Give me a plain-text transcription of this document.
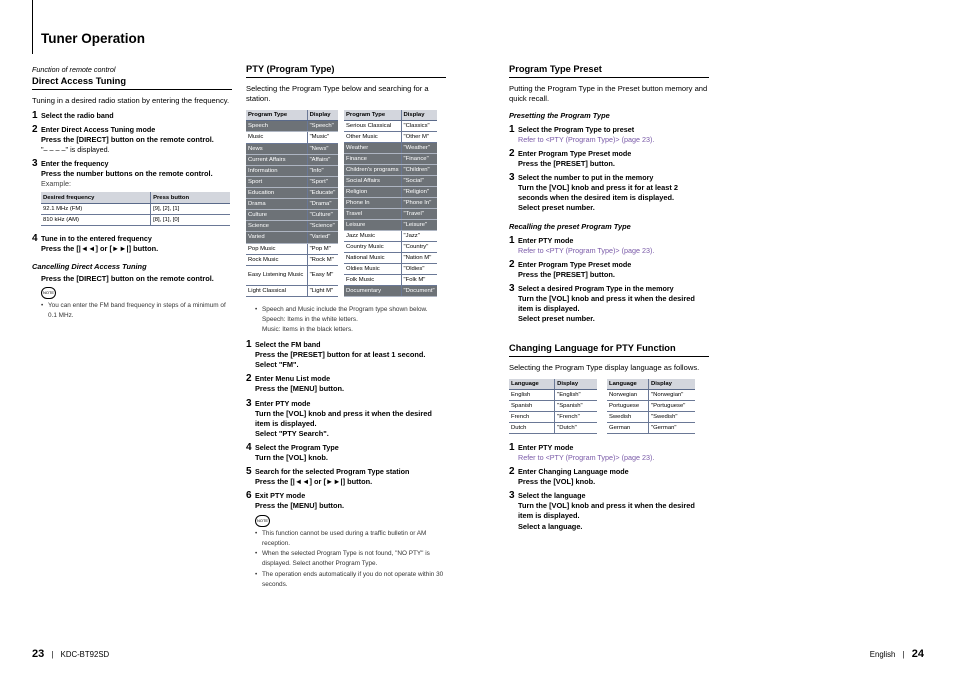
Tuner Operation
Function of remote control
Direct Access Tuning
Tuning in a desired radio station by entering the frequency.
1 Select the radio band
2 Enter Direct Access Tuning mode
Press the [DIRECT] button on the remote control.
"– – – –" is displayed.
3 Enter the frequency
Press the number buttons on the remote control.
Example:
Desired frequency	Press button
92.1 MHz (FM)	[9], [2], [1]
810 kHz (AM)	[8], [1], [0]
4 Tune in to the entered frequency
Press the [|◄◄] or [►►|] button.
Cancelling Direct Access Tuning
Press the [DIRECT] button on the remote control.
NOTE
• You can enter the FM band frequency in steps of a minimum of 0.1 MHz.
PTY (Program Type)
Selecting the Program Type below and searching for a station.
Program Type	Display
Speech	"Speech"
Music	"Music"
News	"News"
Current Affairs	"Affairs"
Information	"Info"
Sport	"Sport"
Education	"Educate"
Drama	"Drama"
Culture	"Culture"
Science	"Science"
Varied	"Varied"
Pop Music	"Pop M"
Rock Music	"Rock M"
Easy Listening Music	"Easy M"
Light Classical	"Light M"
Program Type	Display
Serious Classical	"Classics"
Other Music	"Other M"
Weather	"Weather"
Finance	"Finance"
Children's programs	"Children"
Social Affairs	"Social"
Religion	"Religion"
Phone In	"Phone In"
Travel	"Travel"
Leisure	"Leisure"
Jazz Music	"Jazz"
Country Music	"Country"
National Music	"Nation M"
Oldies Music	"Oldies"
Folk Music	"Folk M"
Documentary	"Document"
• Speech and Music include the Program type shown below.
Speech: Items in the white letters.
Music: Items in the black letters.
1 Select the FM band
Press the [PRESET] button for at least 1 second.
Select "FM".
2 Enter Menu List mode
Press the [MENU] button.
3 Enter PTY mode
Turn the [VOL] knob and press it when the desired item is displayed.
Select "PTY Search".
4 Select the Program Type
Turn the [VOL] knob.
5 Search for the selected Program Type station
Press the [|◄◄] or [►►|] button.
6 Exit PTY mode
Press the [MENU] button.
NOTE
• This function cannot be used during a traffic bulletin or AM reception.
• When the selected Program Type is not found, "NO PTY" is displayed. Select another Program Type.
• The operation ends automatically if you do not operate within 30 seconds.
Program Type Preset
Putting the Program Type in the Preset button memory and quick recall.
Presetting the Program Type
1 Select the Program Type to preset
Refer to <PTY (Program Type)> (page 23).
2 Enter Program Type Preset mode
Press the [PRESET] button.
3 Select the number to put in the memory
Turn the [VOL] knob and press it for at least 2 seconds when the desired item is displayed.
Select preset number.
Recalling the preset Program Type
1 Enter PTY mode
Refer to <PTY (Program Type)> (page 23).
2 Enter Program Type Preset mode
Press the [PRESET] button.
3 Select a desired Program Type in the memory
Turn the [VOL] knob and press it when the desired item is displayed.
Select preset number.
Changing Language for PTY Function
Selecting the Program Type display language as follows.
Language	Display
English	"English"
Spanish	"Spanish"
French	"French"
Dutch	"Dutch"
Language	Display
Norwegian	"Norwegian"
Portuguese	"Portuguese"
Swedish	"Swedish"
German	"German"
1 Enter PTY mode
Refer to <PTY (Program Type)> (page 23).
2 Enter Changing Language mode
Press the [VOL] knob.
3 Select the language
Turn the [VOL] knob and press it when the desired item is displayed.
Select a language.
23 | KDC-BT92SD	English | 24
